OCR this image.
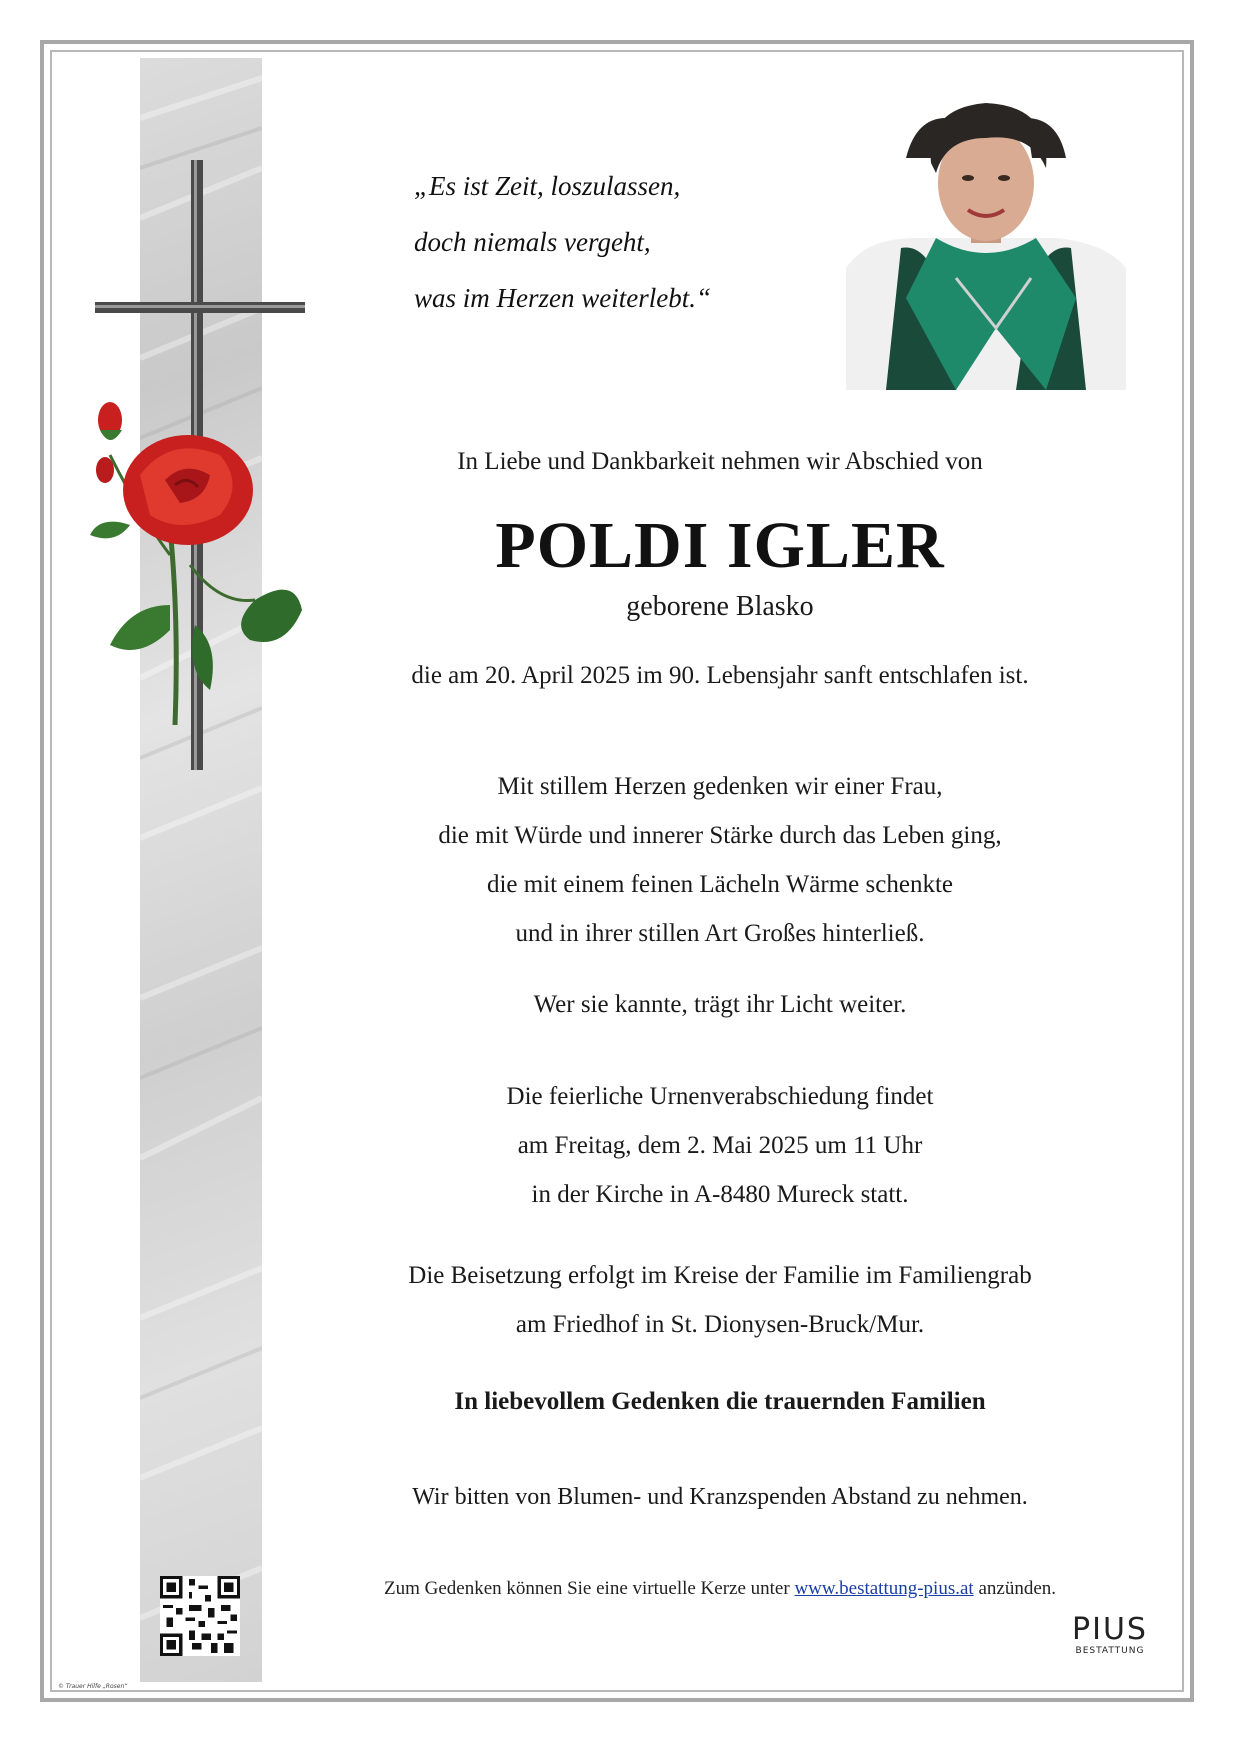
„Es ist Zeit, loszulassen,
doch niemals vergeht,
was im Herzen weiterlebt.“
In Liebe und Dankbarkeit nehmen wir Abschied von
POLDI IGLER
geborene Blasko
die am 20. April 2025 im 90. Lebensjahr sanft entschlafen ist.
Mit stillem Herzen gedenken wir einer Frau,
die mit Würde und innerer Stärke durch das Leben ging,
die mit einem feinen Lächeln Wärme schenkte
und in ihrer stillen Art Großes hinterließ.
Wer sie kannte, trägt ihr Licht weiter.
Die feierliche Urnenverabschiedung findet
am Freitag, dem 2. Mai 2025 um 11 Uhr
in der Kirche in A-8480 Mureck statt.
Die Beisetzung erfolgt im Kreise der Familie im Familiengrab
am Friedhof in St. Dionysen-Bruck/Mur.
In liebevollem Gedenken die trauernden Familien
Wir bitten von Blumen- und Kranzspenden Abstand zu nehmen.
Zum Gedenken können Sie eine virtuelle Kerze unter www.bestattung-pius.at anzünden.
PIUS
BESTATTUNG
© Trauer Hilfe „Rosen“
